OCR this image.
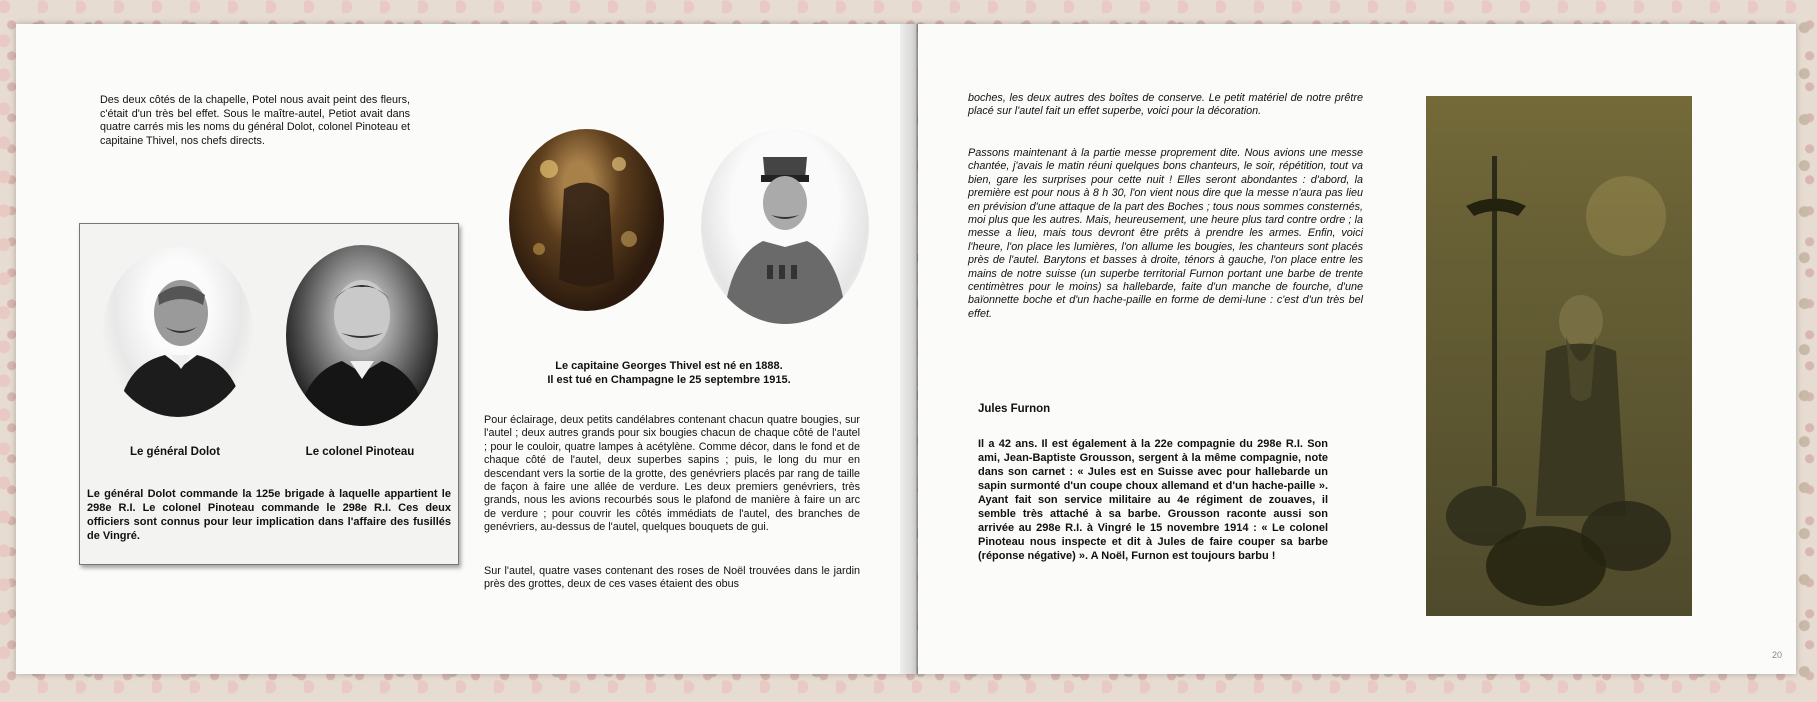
Des deux côtés de la chapelle, Potel nous avait peint des fleurs, c'était d'un très bel effet. Sous le maître-autel, Petiot avait dans quatre carrés mis les noms du général Dolot, colonel Pinoteau et capitaine Thivel, nos chefs directs.
Le général Dolot	Le colonel Pinoteau
Le général Dolot commande la 125e brigade à laquelle appartient le 298e R.I. Le colonel Pinoteau commande le 298e R.I. Ces deux officiers sont connus pour leur implication dans l'affaire des fusillés de Vingré.
Le capitaine Georges Thivel est né en 1888.
Il est tué en Champagne le 25 septembre 1915.
Pour éclairage, deux petits candélabres contenant chacun quatre bougies, sur l'autel ; deux autres grands pour six bougies chacun de chaque côté de l'autel ; pour le couloir, quatre lampes à acétylène. Comme décor, dans le fond et de chaque côté de l'autel, deux superbes sapins ; puis, le long du mur en descendant vers la sortie de la grotte, des genévriers placés par rang de taille de façon à faire une allée de verdure. Les deux premiers genévriers, très grands, nous les avions recourbés sous le plafond de manière à faire un arc de verdure ; pour couvrir les côtés immédiats de l'autel, des branches de genévriers, au-dessus de l'autel, quelques bouquets de gui.
Sur l'autel, quatre vases contenant des roses de Noël trouvées dans le jardin près des grottes, deux de ces vases étaient des obus
boches, les deux autres des boîtes de conserve. Le petit matériel de notre prêtre placé sur l'autel fait un effet superbe, voici pour la décoration.
Passons maintenant à la partie messe proprement dite. Nous avions une messe chantée, j'avais le matin réuni quelques bons chanteurs, le soir, répétition, tout va bien, gare les surprises pour cette nuit ! Elles seront abondantes : d'abord, la première est pour nous à 8 h 30, l'on vient nous dire que la messe n'aura pas lieu en prévision d'une attaque de la part des Boches ; tous nous sommes consternés, moi plus que les autres. Mais, heureusement, une heure plus tard contre ordre ; la messe a lieu, mais tous devront être prêts à prendre les armes. Enfin, voici l'heure, l'on place les lumières, l'on allume les bougies, les chanteurs sont placés près de l'autel. Barytons et basses à droite, ténors à gauche, l'on place entre les mains de notre suisse (un superbe territorial Furnon portant une barbe de trente centimètres pour le moins) sa hallebarde, faite d'un manche de fourche, d'une baïonnette boche et d'un hache-paille en forme de demi-lune : c'est d'un très bel effet.
Jules Furnon
Il a 42 ans. Il est également à la 22e compagnie du 298e R.I. Son ami, Jean-Baptiste Grousson, sergent à la même compagnie, note dans son carnet : « Jules est en Suisse avec pour hallebarde un sapin surmonté d'un coupe choux allemand et d'un hache-paille ». Ayant fait son service militaire au 4e régiment de zouaves, il semble très attaché à sa barbe. Grousson raconte aussi son arrivée au 298e R.I. à Vingré le 15 novembre 1914 : « Le colonel Pinoteau nous inspecte et dit à Jules de faire couper sa barbe (réponse négative) ». A Noël, Furnon est toujours barbu !
20
